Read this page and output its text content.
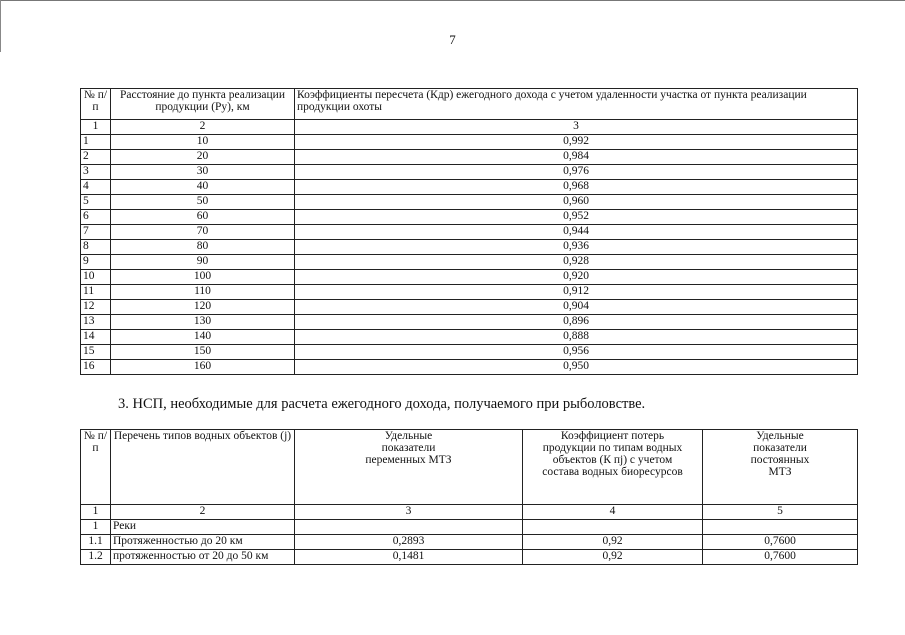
7
№ п/п	Расстояние до пункта реализации продукции (Ру), км	Коэффициенты пересчета (Кдр) ежегодного дохода с учетом удаленности участка от пункта реализации продукции охоты
1	2	3
1	10	0,992
2	20	0,984
3	30	0,976
4	40	0,968
5	50	0,960
6	60	0,952
7	70	0,944
8	80	0,936
9	90	0,928
10	100	0,920
11	110	0,912
12	120	0,904
13	130	0,896
14	140	0,888
15	150	0,956
16	160	0,950
3. НСП, необходимые для расчета ежегодного дохода, получаемого при рыболовстве.
№ п/п	Перечень типов водных объектов (j)	Удельные показатели переменных МТЗ	Коэффициент потерь продукции по типам водных объектов (К пj) с учетом состава водных биоресурсов	Удельные показатели постоянных МТЗ

1	2	3	4	5
1	Реки			
1.1	Протяженностью до 20 км	0,2893	0,92	0,7600
1.2	протяженностью от 20 до 50 км	0,1481	0,92	0,7600
